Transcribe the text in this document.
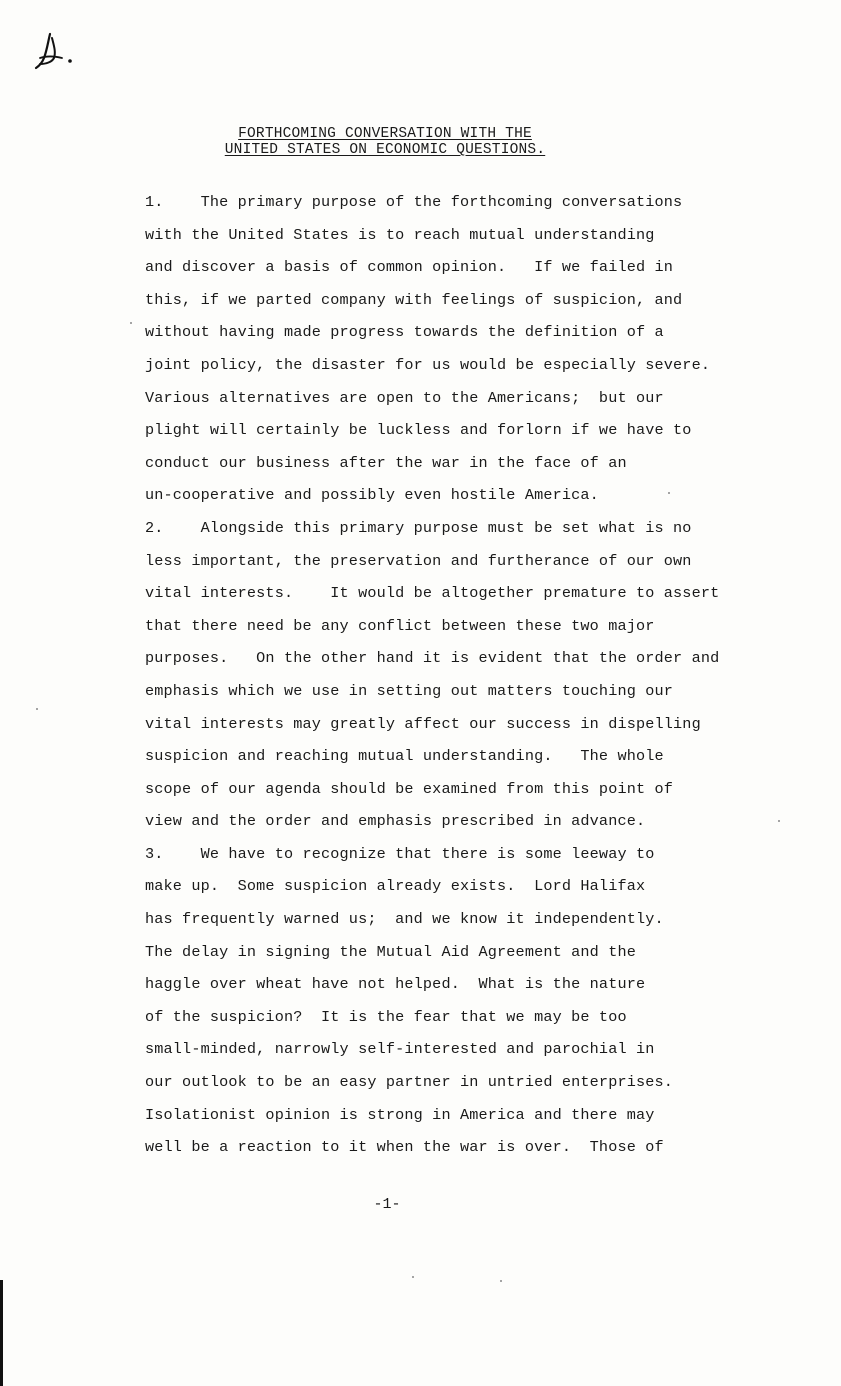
FORTHCOMING CONVERSATION WITH THE
UNITED STATES ON ECONOMIC QUESTIONS.
1.    The primary purpose of the forthcoming conversations
with the United States is to reach mutual understanding
and discover a basis of common opinion.   If we failed in
this, if we parted company with feelings of suspicion, and
without having made progress towards the definition of a
joint policy, the disaster for us would be especially severe.
Various alternatives are open to the Americans;  but our
plight will certainly be luckless and forlorn if we have to
conduct our business after the war in the face of an
un-cooperative and possibly even hostile America.
2.    Alongside this primary purpose must be set what is no
less important, the preservation and furtherance of our own
vital interests.    It would be altogether premature to assert
that there need be any conflict between these two major
purposes.   On the other hand it is evident that the order and
emphasis which we use in setting out matters touching our
vital interests may greatly affect our success in dispelling
suspicion and reaching mutual understanding.   The whole
scope of our agenda should be examined from this point of
view and the order and emphasis prescribed in advance.
3.    We have to recognize that there is some leeway to
make up.  Some suspicion already exists.  Lord Halifax
has frequently warned us;  and we know it independently.
The delay in signing the Mutual Aid Agreement and the
haggle over wheat have not helped.  What is the nature
of the suspicion?  It is the fear that we may be too
small-minded, narrowly self-interested and parochial in
our outlook to be an easy partner in untried enterprises.
Isolationist opinion is strong in America and there may
well be a reaction to it when the war is over.  Those of
-1-
